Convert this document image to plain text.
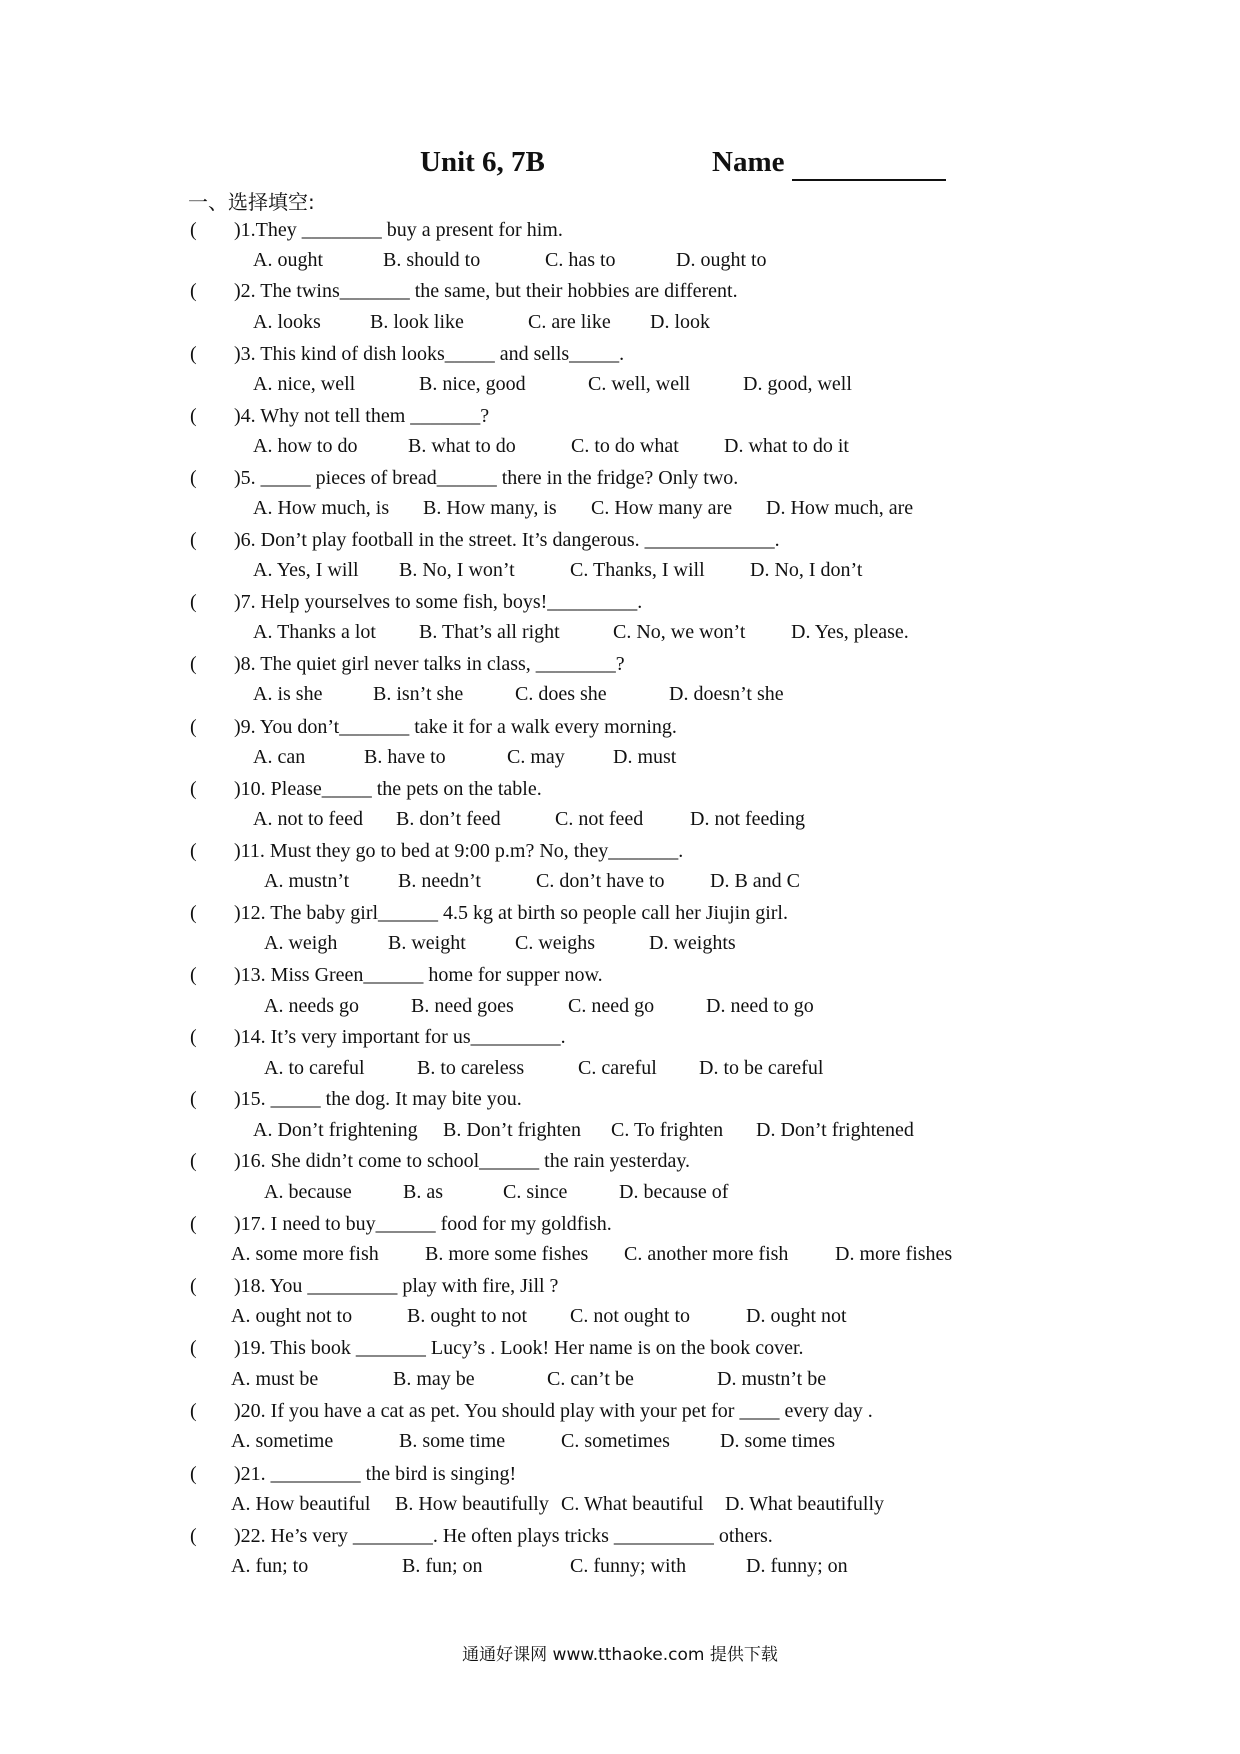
Unit 6, 7B	Name
一、选择填空:
( )1.They ________ buy a present for him.
A. ought	B. should to	C. has to	D. ought to
( )2. The twins_______ the same, but their hobbies are different.
A. looks B. look like	C. are like D. look
( )3. This kind of dish looks_____ and sells_____.
A. nice, well	B. nice, good	C. well, well	D. good, well
( )4. Why not tell them _______?
A. how to do	B. what to do	C. to do what D. what to do it
( )5. _____ pieces of bread______ there in the fridge? Only two.
A. How much, is B. How many, is C. How many are D. How much, are
( )6. Don’t play football in the street. It’s dangerous. _____________.
A. Yes, I will B. No, I won’t	C. Thanks, I will D. No, I don’t
( )7. Help yourselves to some fish, boys!_________.
A. Thanks a lot B. That’s all right	C. No, we won’t D. Yes, please.
( )8. The quiet girl never talks in class, ________?
A. is she	B. isn’t she	C. does she	D. doesn’t she
( )9. You don’t_______ take it for a walk every morning.
A. can	B. have to	C. may D. must
( )10. Please_____ the pets on the table.
A. not to feed B. don’t feed	C. not feed D. not feeding
( )11. Must they go to bed at 9:00 p.m? No, they_______.
A. mustn’t B. needn’t	C. don’t have to D. B and C
( )12. The baby girl______ 4.5 kg at birth so people call her Jiujin girl.
A. weigh	B. weight C. weighs	D. weights
( )13. Miss Green______ home for supper now.
A. needs go	B. need goes	C. need go	D. need to go
( )14. It’s very important for us_________.
A. to careful	B. to careless	C. careful D. to be careful
( )15. _____ the dog. It may bite you.
A. Don’t frightening B. Don’t frighten C. To frighten D. Don’t frightened
( )16. She didn’t come to school______ the rain yesterday.
A. because	B. as	C. since	D. because of
( )17. I need to buy______ food for my goldfish.
A. some more fish B. more some fishes C. another more fish D. more fishes
( )18. You _________ play with fire, Jill ?
A. ought not to	B. ought to not C. not ought to	D. ought not
( )19. This book _______ Lucy’s . Look! Her name is on the book cover.
A. must be	B. may be	C. can’t be	D. mustn’t be
( )20. If you have a cat as pet. You should play with your pet for ____ every day .
A. sometime	B. some time	C. sometimes	D. some times
( )21. _________ the bird is singing!
A. How beautiful B. How beautifully C. What beautiful D. What beautifully
( )22. He’s very ________. He often plays tricks __________ others.
A. fun; to	B. fun; on	C. funny; with	D. funny; on
通通好课网 www.tthaoke.com 提供下载
